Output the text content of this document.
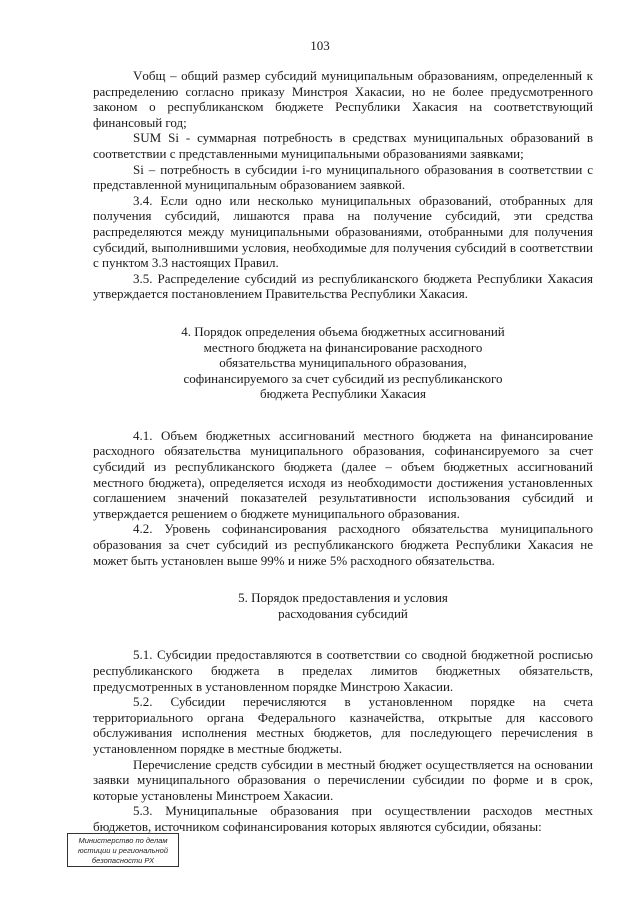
103

Vобщ – общий размер субсидий муниципальным образованиям, определенный к распределению согласно приказу Минстроя Хакасии, но не более предусмотренного законом о республиканском бюджете Республики Хакасия на соответствующий финансовый год;

SUM Si - суммарная потребность в средствах муниципальных образований в соответствии с представленными муниципальными образованиями заявками;

Si – потребность в субсидии i-го муниципального образования в соответствии с представленной муниципальным образованием заявкой.

3.4. Если одно или несколько муниципальных образований, отобранных для получения субсидий, лишаются права на получение субсидий, эти средства распределяются между муниципальными образованиями, отобранными для получения субсидий, выполнившими условия, необходимые для получения субсидий в соответствии с пунктом 3.3 настоящих Правил.

3.5. Распределение субсидий из республиканского бюджета Республики Хакасия утверждается постановлением Правительства Республики Хакасия.

4. Порядок определения объема бюджетных ассигнований

местного бюджета на финансирование расходного

обязательства муниципального образования,

софинансируемого за счет субсидий из республиканского

бюджета Республики Хакасия

4.1. Объем бюджетных ассигнований местного бюджета на финансирование расходного обязательства муниципального образования, софинансируемого за счет субсидий из республиканского бюджета (далее – объем бюджетных ассигнований местного бюджета), определяется исходя из необходимости достижения установленных соглашением значений показателей результативности использования субсидий и утверждается решением о бюджете муниципального образования.

4.2. Уровень софинансирования расходного обязательства муниципального образования за счет субсидий из республиканского бюджета Республики Хакасия не может быть установлен выше 99% и ниже 5% расходного обязательства.

5. Порядок предоставления и условия

расходования субсидий

5.1. Субсидии предоставляются в соответствии со сводной бюджетной росписью республиканского бюджета в пределах лимитов бюджетных обязательств, предусмотренных в установленном порядке Минстрою Хакасии.

5.2. Субсидии перечисляются в установленном порядке на счета территориального органа Федерального казначейства, открытые для кассового обслуживания исполнения местных бюджетов, для последующего перечисления в установленном порядке в местные бюджеты.

Перечисление средств субсидии в местный бюджет осуществляется на основании заявки муниципального образования о перечислении субсидии по форме и в срок, которые установлены Минстроем Хакасии.

5.3. Муниципальные образования при осуществлении расходов местных бюджетов, источником софинансирования которых являются субсидии, обязаны:

Министерство по делам
юстиции и региональной
безопасности РХ
